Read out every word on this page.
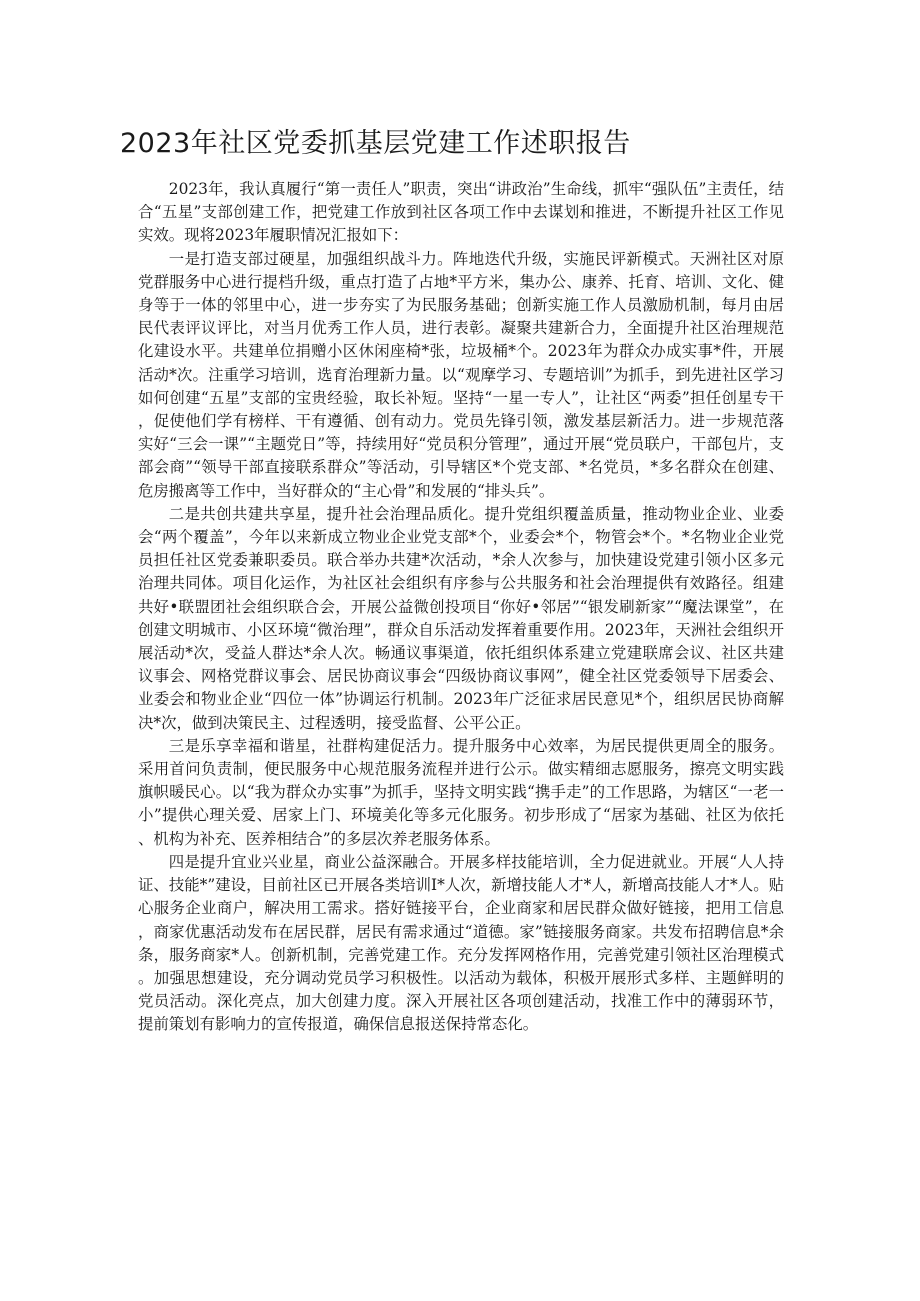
2023年社区党委抓基层党建工作述职报告

2023年，我认真履行“第一责任人”职责，突出“讲政治”生命线，抓牢“强队伍”主责任，结合“五星”支部创建工作，把党建工作放到社区各项工作中去谋划和推进，不断提升社区工作见实效。现将2023年履职情况汇报如下：

一是打造支部过硬星，加强组织战斗力。阵地迭代升级，实施民评新模式。天洲社区对原党群服务中心进行提档升级，重点打造了占地*平方米，集办公、康养、托育、培训、文化、健身等于一体的邻里中心，进一步夯实了为民服务基础；创新实施工作人员激励机制，每月由居民代表评议评比，对当月优秀工作人员，进行表彰。凝聚共建新合力，全面提升社区治理规范化建设水平。共建单位捐赠小区休闲座椅*张，垃圾桶*个。2023年为群众办成实事*件，开展活动*次。注重学习培训，选育治理新力量。以“观摩学习、专题培训”为抓手，到先进社区学习如何创建“五星”支部的宝贵经验，取长补短。坚持“一星一专人”，让社区“两委”担任创星专干，促使他们学有榜样、干有遵循、创有动力。党员先锋引领，激发基层新活力。进一步规范落实好“三会一课”“主题党日”等，持续用好“党员积分管理”，通过开展“党员联户，干部包片，支部会商”“领导干部直接联系群众”等活动，引导辖区*个党支部、*名党员，*多名群众在创建、危房搬离等工作中，当好群众的“主心骨”和发展的“排头兵”。

二是共创共建共享星，提升社会治理品质化。提升党组织覆盖质量，推动物业企业、业委会“两个覆盖”，今年以来新成立物业企业党支部*个，业委会*个，物管会*个。*名物业企业党员担任社区党委兼职委员。联合举办共建*次活动，*余人次参与，加快建设党建引领小区多元治理共同体。项目化运作，为社区社会组织有序参与公共服务和社会治理提供有效路径。组建共好•联盟团社会组织联合会，开展公益微创投项目“你好•邻居”“银发刷新家”“魔法课堂”，在创建文明城市、小区环境“微治理”，群众自乐活动发挥着重要作用。2023年，天洲社会组织开展活动*次，受益人群达*余人次。畅通议事渠道，依托组织体系建立党建联席会议、社区共建议事会、网格党群议事会、居民协商议事会“四级协商议事网”，健全社区党委领导下居委会、业委会和物业企业“四位一体”协调运行机制。2023年广泛征求居民意见*个，组织居民协商解决*次，做到决策民主、过程透明，接受监督、公平公正。

三是乐享幸福和谐星，社群构建促活力。提升服务中心效率，为居民提供更周全的服务。采用首问负责制，便民服务中心规范服务流程并进行公示。做实精细志愿服务，擦亮文明实践旗帜暖民心。以“我为群众办实事”为抓手，坚持文明实践“携手走”的工作思路，为辖区“一老一小”提供心理关爱、居家上门、环境美化等多元化服务。初步形成了“居家为基础、社区为依托、机构为补充、医养相结合”的多层次养老服务体系。

四是提升宜业兴业星，商业公益深融合。开展多样技能培训，全力促进就业。开展“人人持证、技能*”建设，目前社区已开展各类培训I*人次，新增技能人才*人，新增高技能人才*人。贴心服务企业商户，解决用工需求。搭好链接平台，企业商家和居民群众做好链接，把用工信息，商家优惠活动发布在居民群，居民有需求通过“道德。家”链接服务商家。共发布招聘信息*余条，服务商家*人。创新机制，完善党建工作。充分发挥网格作用，完善党建引领社区治理模式。加强思想建设，充分调动党员学习积极性。以活动为载体，积极开展形式多样、主题鲜明的党员活动。深化亮点，加大创建力度。深入开展社区各项创建活动，找准工作中的薄弱环节，提前策划有影响力的宣传报道，确保信息报送保持常态化。
